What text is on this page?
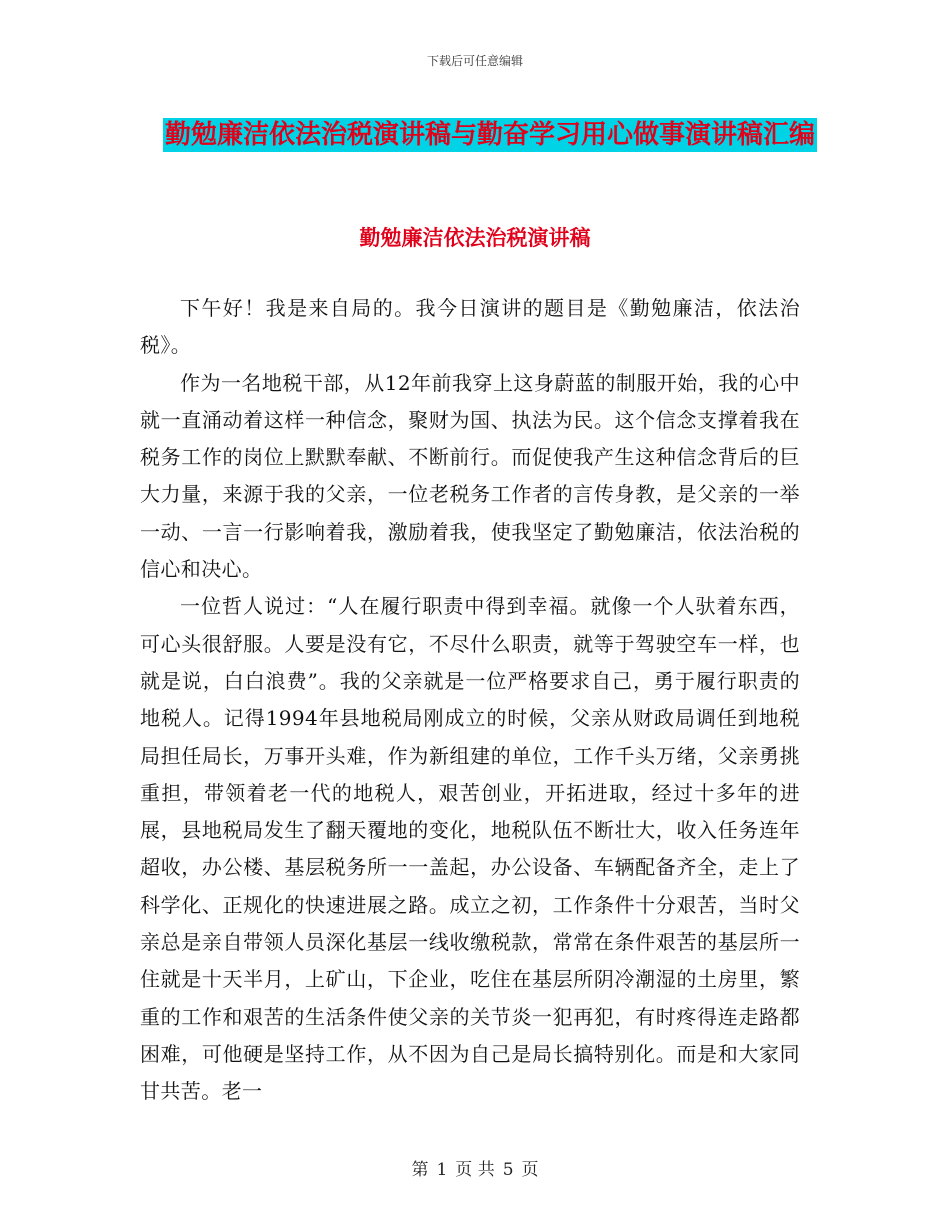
下载后可任意编辑
勤勉廉洁依法治税演讲稿与勤奋学习用心做事演讲稿汇编
勤勉廉洁依法治税演讲稿

下午好！我是来自局的。我今日演讲的题目是《勤勉廉洁，依法治税》。

作为一名地税干部，从12年前我穿上这身蔚蓝的制服开始，我的心中就一直涌动着这样一种信念，聚财为国、执法为民。这个信念支撑着我在税务工作的岗位上默默奉献、不断前行。而促使我产生这种信念背后的巨大力量，来源于我的父亲，一位老税务工作者的言传身教，是父亲的一举一动、一言一行影响着我，激励着我，使我坚定了勤勉廉洁，依法治税的信心和决心。

一位哲人说过：“人在履行职责中得到幸福。就像一个人驮着东西，可心头很舒服。人要是没有它，不尽什么职责，就等于驾驶空车一样，也就是说，白白浪费”。我的父亲就是一位严格要求自己，勇于履行职责的地税人。记得1994年县地税局刚成立的时候，父亲从财政局调任到地税局担任局长，万事开头难，作为新组建的单位，工作千头万绪，父亲勇挑重担，带领着老一代的地税人，艰苦创业，开拓进取，经过十多年的进展，县地税局发生了翻天覆地的变化，地税队伍不断壮大，收入任务连年超收，办公楼、基层税务所一一盖起，办公设备、车辆配备齐全，走上了科学化、正规化的快速进展之路。成立之初，工作条件十分艰苦，当时父亲总是亲自带领人员深化基层一线收缴税款，常常在条件艰苦的基层所一住就是十天半月，上矿山，下企业，吃住在基层所阴冷潮湿的土房里，繁重的工作和艰苦的生活条件使父亲的关节炎一犯再犯，有时疼得连走路都困难，可他硬是坚持工作，从不因为自己是局长搞特别化。而是和大家同甘共苦。老一

第 1 页 共 5 页
